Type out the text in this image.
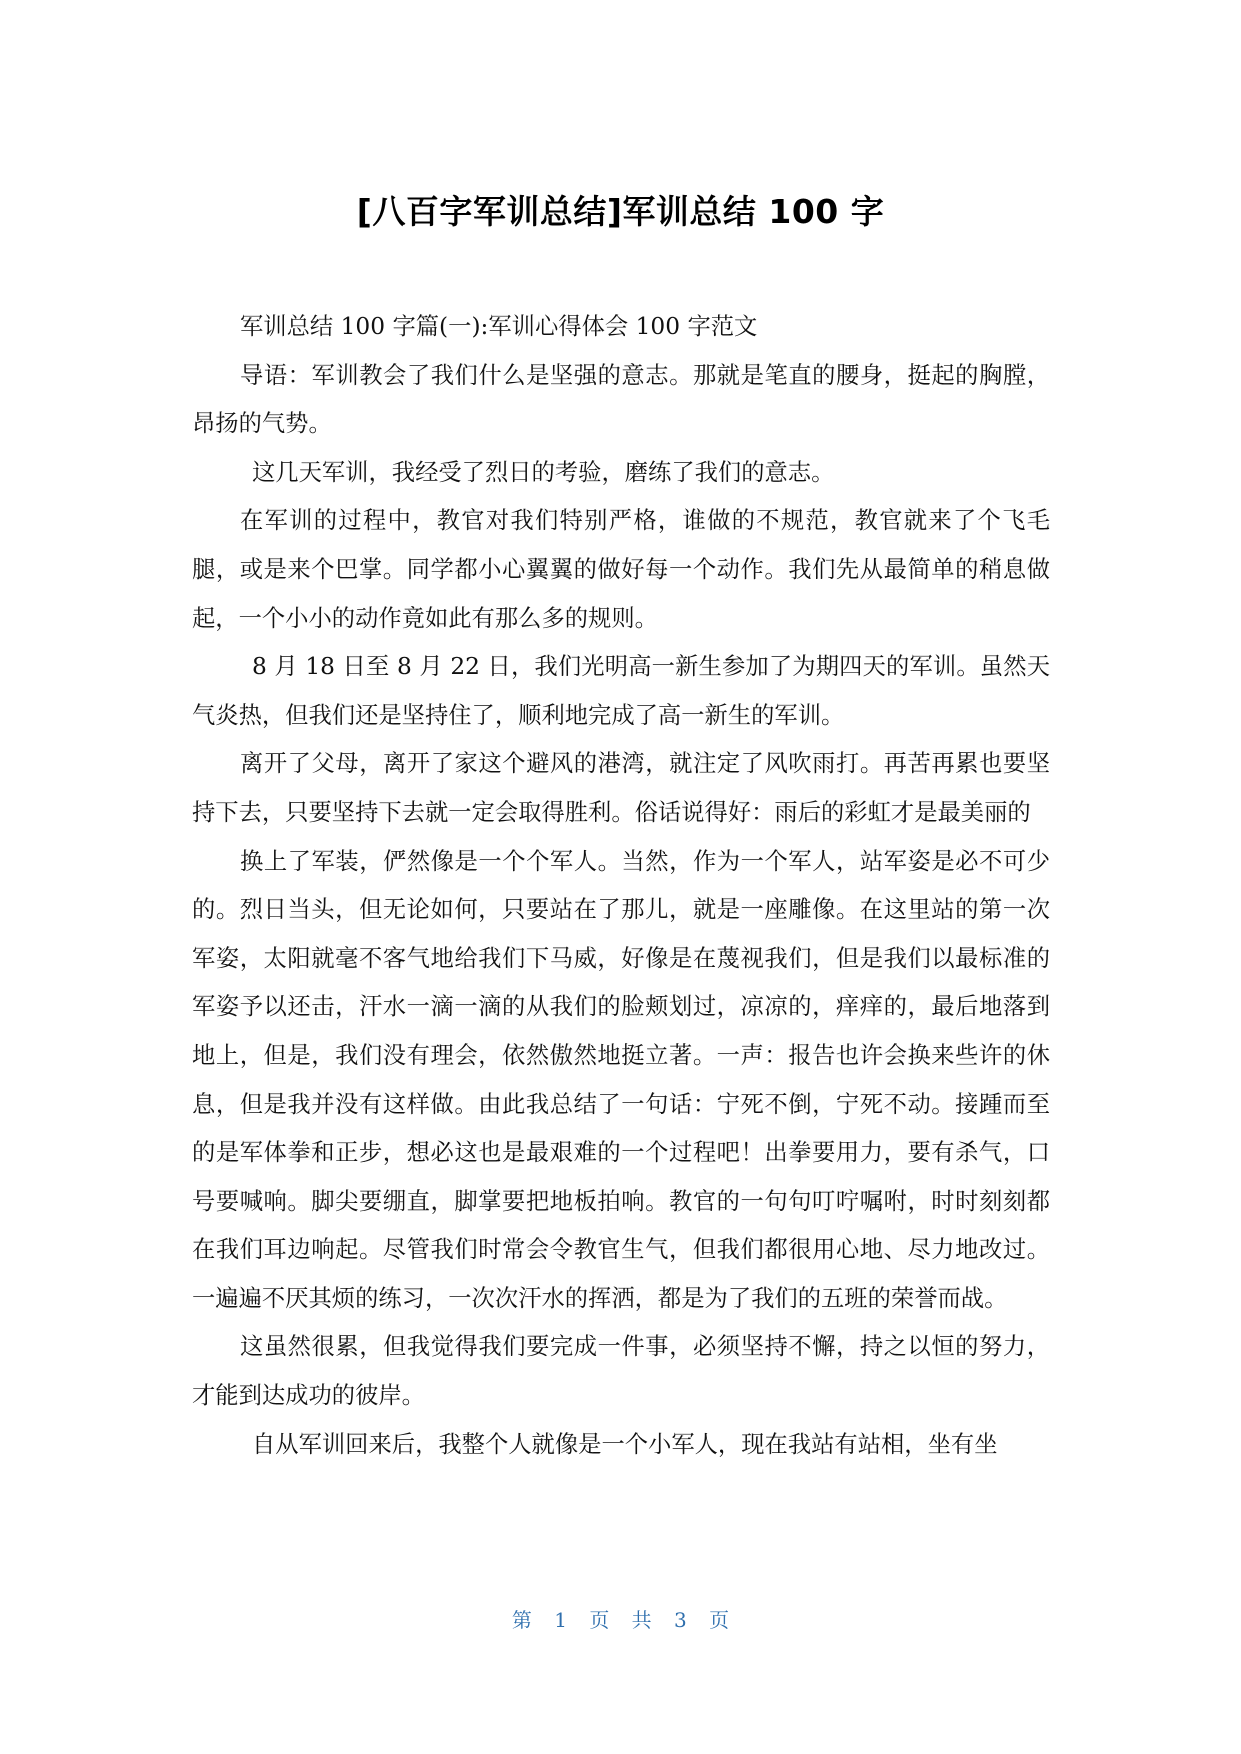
[八百字军训总结]军训总结 100 字

军训总结 100 字篇(一):军训心得体会 100 字范文

导语：军训教会了我们什么是坚强的意志。那就是笔直的腰身，挺起的胸膛，昂扬的气势。

这几天军训，我经受了烈日的考验，磨练了我们的意志。

在军训的过程中，教官对我们特别严格，谁做的不规范，教官就来了个飞毛腿，或是来个巴掌。同学都小心翼翼的做好每一个动作。我们先从最简单的稍息做起，一个小小的动作竟如此有那么多的规则。

8 月 18 日至 8 月 22 日，我们光明高一新生参加了为期四天的军训。虽然天气炎热，但我们还是坚持住了，顺利地完成了高一新生的军训。

离开了父母，离开了家这个避风的港湾，就注定了风吹雨打。再苦再累也要坚持下去，只要坚持下去就一定会取得胜利。俗话说得好：雨后的彩虹才是最美丽的

换上了军装，俨然像是一个个军人。当然，作为一个军人，站军姿是必不可少的。烈日当头，但无论如何，只要站在了那儿，就是一座雕像。在这里站的第一次军姿，太阳就毫不客气地给我们下马威，好像是在蔑视我们，但是我们以最标准的军姿予以还击，汗水一滴一滴的从我们的脸颊划过，凉凉的，痒痒的，最后地落到地上，但是，我们没有理会，依然傲然地挺立著。一声：报告也许会换来些许的休息，但是我并没有这样做。由此我总结了一句话：宁死不倒，宁死不动。接踵而至的是军体拳和正步，想必这也是最艰难的一个过程吧！出拳要用力，要有杀气，口号要喊响。脚尖要绷直，脚掌要把地板拍响。教官的一句句叮咛嘱咐，时时刻刻都在我们耳边响起。尽管我们时常会令教官生气，但我们都很用心地、尽力地改过。一遍遍不厌其烦的练习，一次次汗水的挥洒，都是为了我们的五班的荣誉而战。

这虽然很累，但我觉得我们要完成一件事，必须坚持不懈，持之以恒的努力，才能到达成功的彼岸。

自从军训回来后，我整个人就像是一个小军人，现在我站有站相，坐有坐

第 1 页 共 3 页
